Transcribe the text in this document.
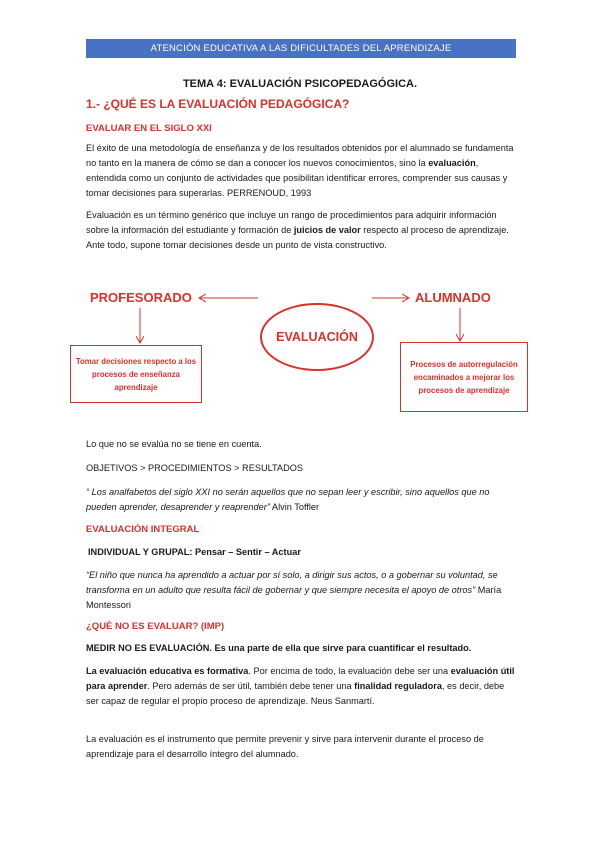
ATENCIÓN EDUCATIVA A LAS DIFICULTADES DEL APRENDIZAJE
TEMA 4: EVALUACIÓN PSICOPEDAGÓGICA.
1.- ¿QUÉ ES LA EVALUACIÓN PEDAGÓGICA?
EVALUAR EN EL SIGLO XXI
El éxito de una metodología de enseñanza y de los resultados obtenidos por el alumnado se fundamenta no tanto en la manera de cómo se dan a conocer los nuevos conocimientos, sino la evaluación, entendida como un conjunto de actividades que posibilitan identificar errores, comprender sus causas y tomar decisiones para superarlas. PERRENOUD, 1993
Evaluación es un término genérico que incluye un rango de procedimientos para adquirir información sobre la información del estudiante y formación de juicios de valor respecto al proceso de aprendizaje. Ante todo, supone tomar decisiones desde un punto de vista constructivo.
PROFESORADO	ALUMNADO
EVALUACIÓN
Tomar decisiones respecto a los procesos de enseñanza aprendizaje
Procesos de autorregulación encaminados a mejorar los procesos de aprendizaje
Lo que no se evalúa no se tiene en cuenta.
OBJETIVOS > PROCEDIMIENTOS > RESULTADOS
“ Los analfabetos del siglo XXI no serán aquellos que no sepan leer y escribir, sino aquellos que no pueden aprender, desaprender y reaprender” Alvin Toffler
EVALUACIÓN INTEGRAL
INDIVIDUAL Y GRUPAL: Pensar – Sentir – Actuar
“El niño que nunca ha aprendido a actuar por sí solo, a dirigir sus actos, o a gobernar su voluntad, se transforma en un adulto que resulta fácil de gobernar y que siempre necesita el apoyo de otros” María Montessori
¿QUÉ NO ES EVALUAR? (IMP)
MEDIR NO ES EVALUACIÓN. Es una parte de ella que sirve para cuantificar el resultado.
La evaluación educativa es formativa. Por encima de todo, la evaluación debe ser una evaluación útil para aprender. Pero además de ser útil, también debe tener una finalidad reguladora, es decir, debe ser capaz de regular el propio proceso de aprendizaje. Neus Sanmartí.
La evaluación es el instrumento que permite prevenir y sirve para intervenir durante el proceso de aprendizaje para el desarrollo íntegro del alumnado.
